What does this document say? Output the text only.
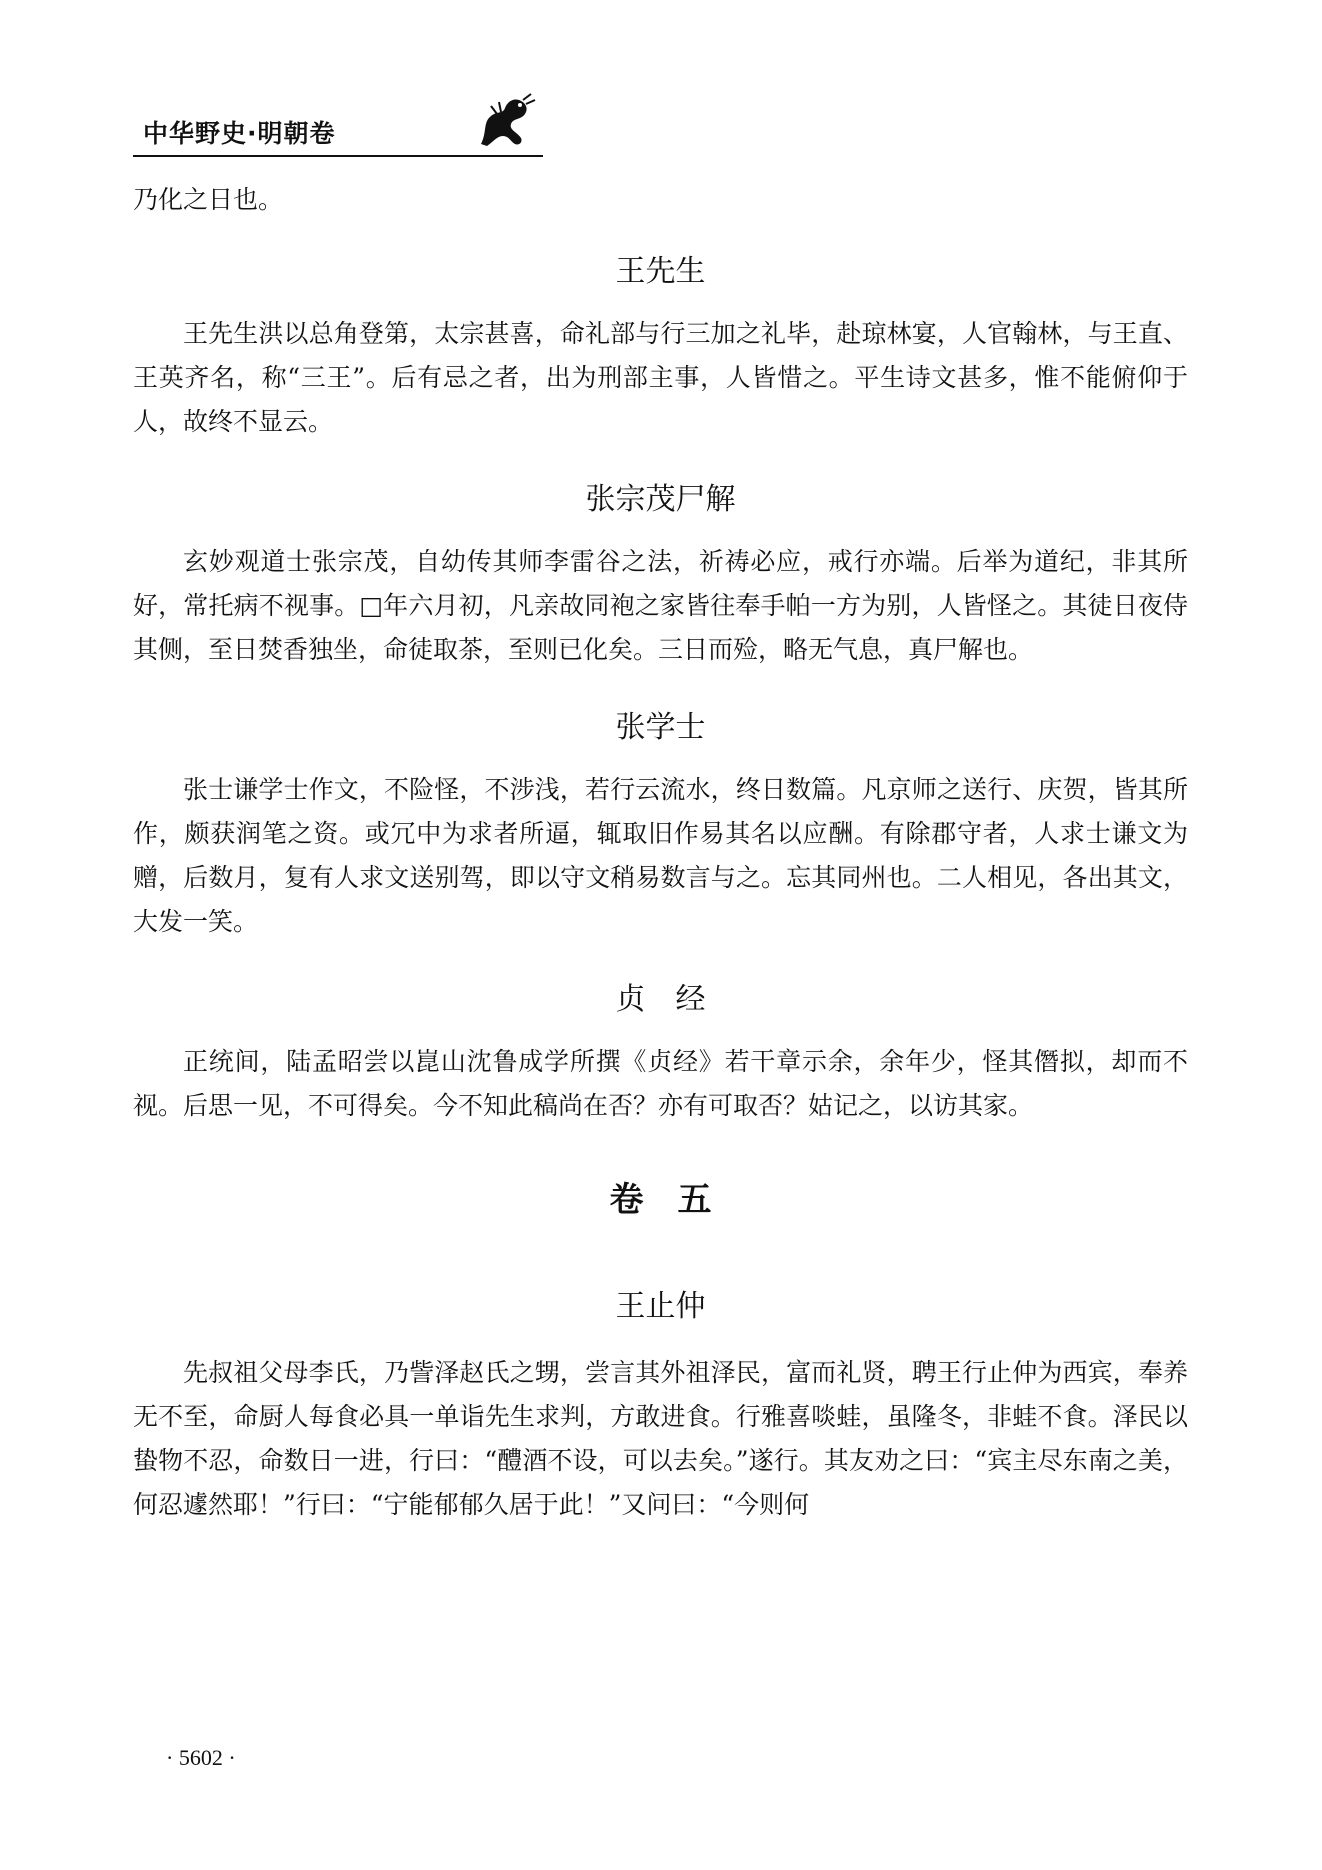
中华野史·明朝卷

乃化之日也。

王先生

王先生洪以总角登第，太宗甚喜，命礼部与行三加之礼毕，赴琼林宴，人官翰林，与王直、王英齐名，称“三王”。后有忌之者，出为刑部主事，人皆惜之。平生诗文甚多，惟不能俯仰于人，故终不显云。

张宗茂尸解

玄妙观道士张宗茂，自幼传其师李雷谷之法，祈祷必应，戒行亦端。后举为道纪，非其所好，常托病不视事。□年六月初，凡亲故同袍之家皆往奉手帕一方为别，人皆怪之。其徒日夜侍其侧，至日焚香独坐，命徒取茶，至则已化矣。三日而殓，略无气息，真尸解也。

张学士

张士谦学士作文，不险怪，不涉浅，若行云流水，终日数篇。凡京师之送行、庆贺，皆其所作，颇获润笔之资。或冗中为求者所逼，辄取旧作易其名以应酬。有除郡守者，人求士谦文为赠，后数月，复有人求文送别驾，即以守文稍易数言与之。忘其同州也。二人相见，各出其文，大发一笑。

贞　经

正统间，陆孟昭尝以崑山沈鲁成学所撰《贞经》若干章示余，余年少，怪其僭拟，却而不视。后思一见，不可得矣。今不知此稿尚在否？亦有可取否？姑记之，以访其家。

卷　五
王止仲

先叔祖父母李氏，乃訾泽赵氏之甥，尝言其外祖泽民，富而礼贤，聘王行止仲为西宾，奉养无不至，命厨人每食必具一单诣先生求判，方敢进食。行雅喜啖蛙，虽隆冬，非蛙不食。泽民以蛰物不忍，命数日一进，行曰：“醴酒不设，可以去矣。”遂行。其友劝之曰：“宾主尽东南之美，何忍遽然耶！”行曰：“宁能郁郁久居于此！”又问曰：“今则何

· 5602 ·
